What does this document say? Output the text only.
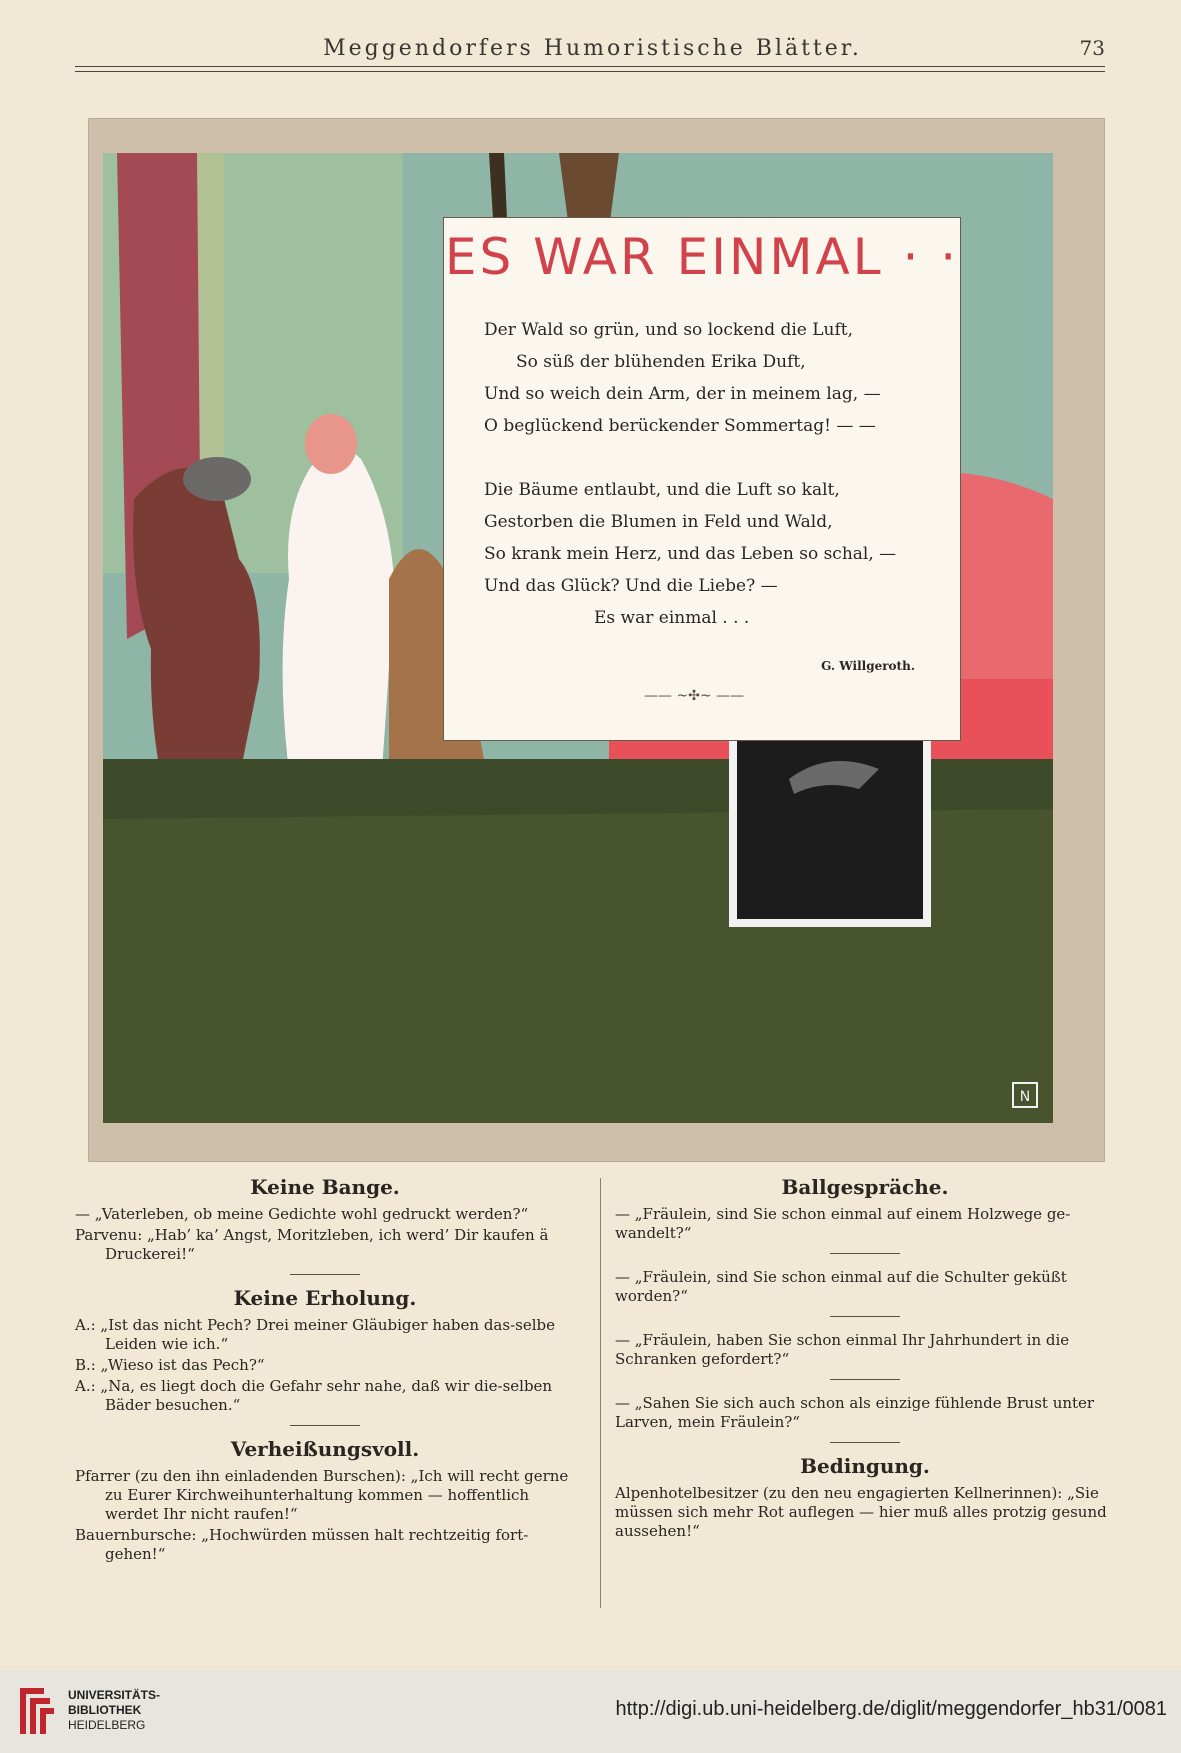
Meggendorfers Humoristische Blätter.	73
N
ES WAR EINMAL · ·
Der Wald so grün, und so lockend die Luft,
So süß der blühenden Erika Duft,
Und so weich dein Arm, der in meinem lag, —
O beglückend berückender Sommertag! — —
Die Bäume entlaubt, und die Luft so kalt,
Gestorben die Blumen in Feld und Wald,
So krank mein Herz, und das Leben so schal, —
Und das Glück? Und die Liebe? —
Es war einmal . . .
G. Willgeroth.
—— ~✣~ ——
Keine Bange.

— „Vaterleben, ob meine Gedichte wohl gedruckt werden?“

Parvenu: „Hab’ ka’ Angst, Moritzleben, ich werd’ Dir kaufen ä Druckerei!“

Keine Erholung.

A.: „Ist das nicht Pech? Drei meiner Gläubiger haben das-selbe Leiden wie ich.“

B.: „Wieso ist das Pech?“

A.: „Na, es liegt doch die Gefahr sehr nahe, daß wir die-selben Bäder besuchen.“

Verheißungsvoll.

Pfarrer (zu den ihn einladenden Burschen): „Ich will recht gerne zu Eurer Kirchweihunterhaltung kommen — hoffentlich werdet Ihr nicht raufen!“

Bauernbursche: „Hochwürden müssen halt rechtzeitig fort-gehen!“

Ballgespräche.

— „Fräulein, sind Sie schon einmal auf einem Holzwege ge-wandelt?“

— „Fräulein, sind Sie schon einmal auf die Schulter geküßt worden?“

— „Fräulein, haben Sie schon einmal Ihr Jahrhundert in die Schranken gefordert?“

— „Sahen Sie sich auch schon als einzige fühlende Brust unter Larven, mein Fräulein?“

Bedingung.

Alpenhotelbesitzer (zu den neu engagierten Kellnerinnen): „Sie müssen sich mehr Rot auflegen — hier muß alles protzig gesund aussehen!“

UNIVERSITÄTS-
BIBLIOTHEK
HEIDELBERG
http://digi.ub.uni-heidelberg.de/diglit/meggendorfer_hb31/0081
